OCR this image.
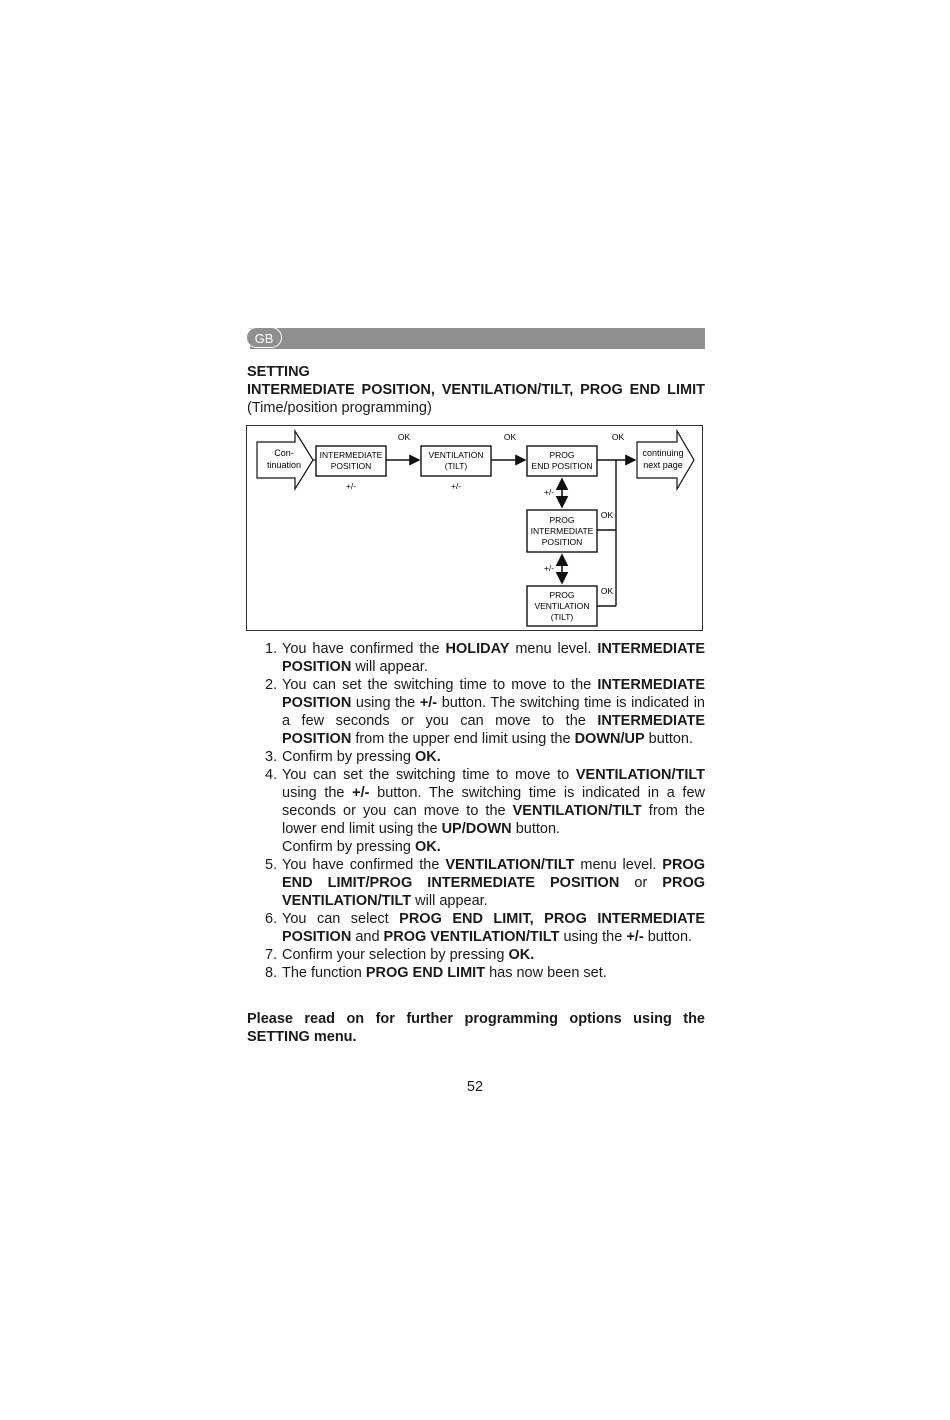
GB
SETTING
INTERMEDIATE POSITION, VENTILATION/TILT, PROG END LIMIT
(Time/position programming)
Con-
tinuation
INTERMEDIATE
POSITION
VENTILATION
(TILT)
PROG
END POSITION
PROG
INTERMEDIATE
POSITION
PROG
VENTILATION
(TILT)
continuing
next page
OK	OK	OK
OK
OK
+/-	+/-
+/-
+/-
1. You have confirmed the HOLIDAY menu level. INTERMEDIATE POSITION will appear.
2. You can set the switching time to move to the INTERMEDIATE POSITION using the +/- button. The switching time is indicated in a few seconds or you can move to the INTERMEDIATE POSITION from the upper end limit using the DOWN/UP button.
3. Confirm by pressing OK.
4. You can set the switching time to move to VENTILATION/TILT using the +/- button. The switching time is indicated in a few seconds or you can move to the VENTILATION/TILT from the lower end limit using the UP/DOWN button.
Confirm by pressing OK.
5. You have confirmed the VENTILATION/TILT menu level. PROG END LIMIT/PROG INTERMEDIATE POSITION or PROG VENTILATION/TILT will appear.
6. You can select PROG END LIMIT, PROG INTERMEDIATE POSITION and PROG VENTILATION/TILT using the +/- button.
7. Confirm your selection by pressing OK.
8. The function PROG END LIMIT has now been set.
Please read on for further programming options using the SETTING menu.
52
